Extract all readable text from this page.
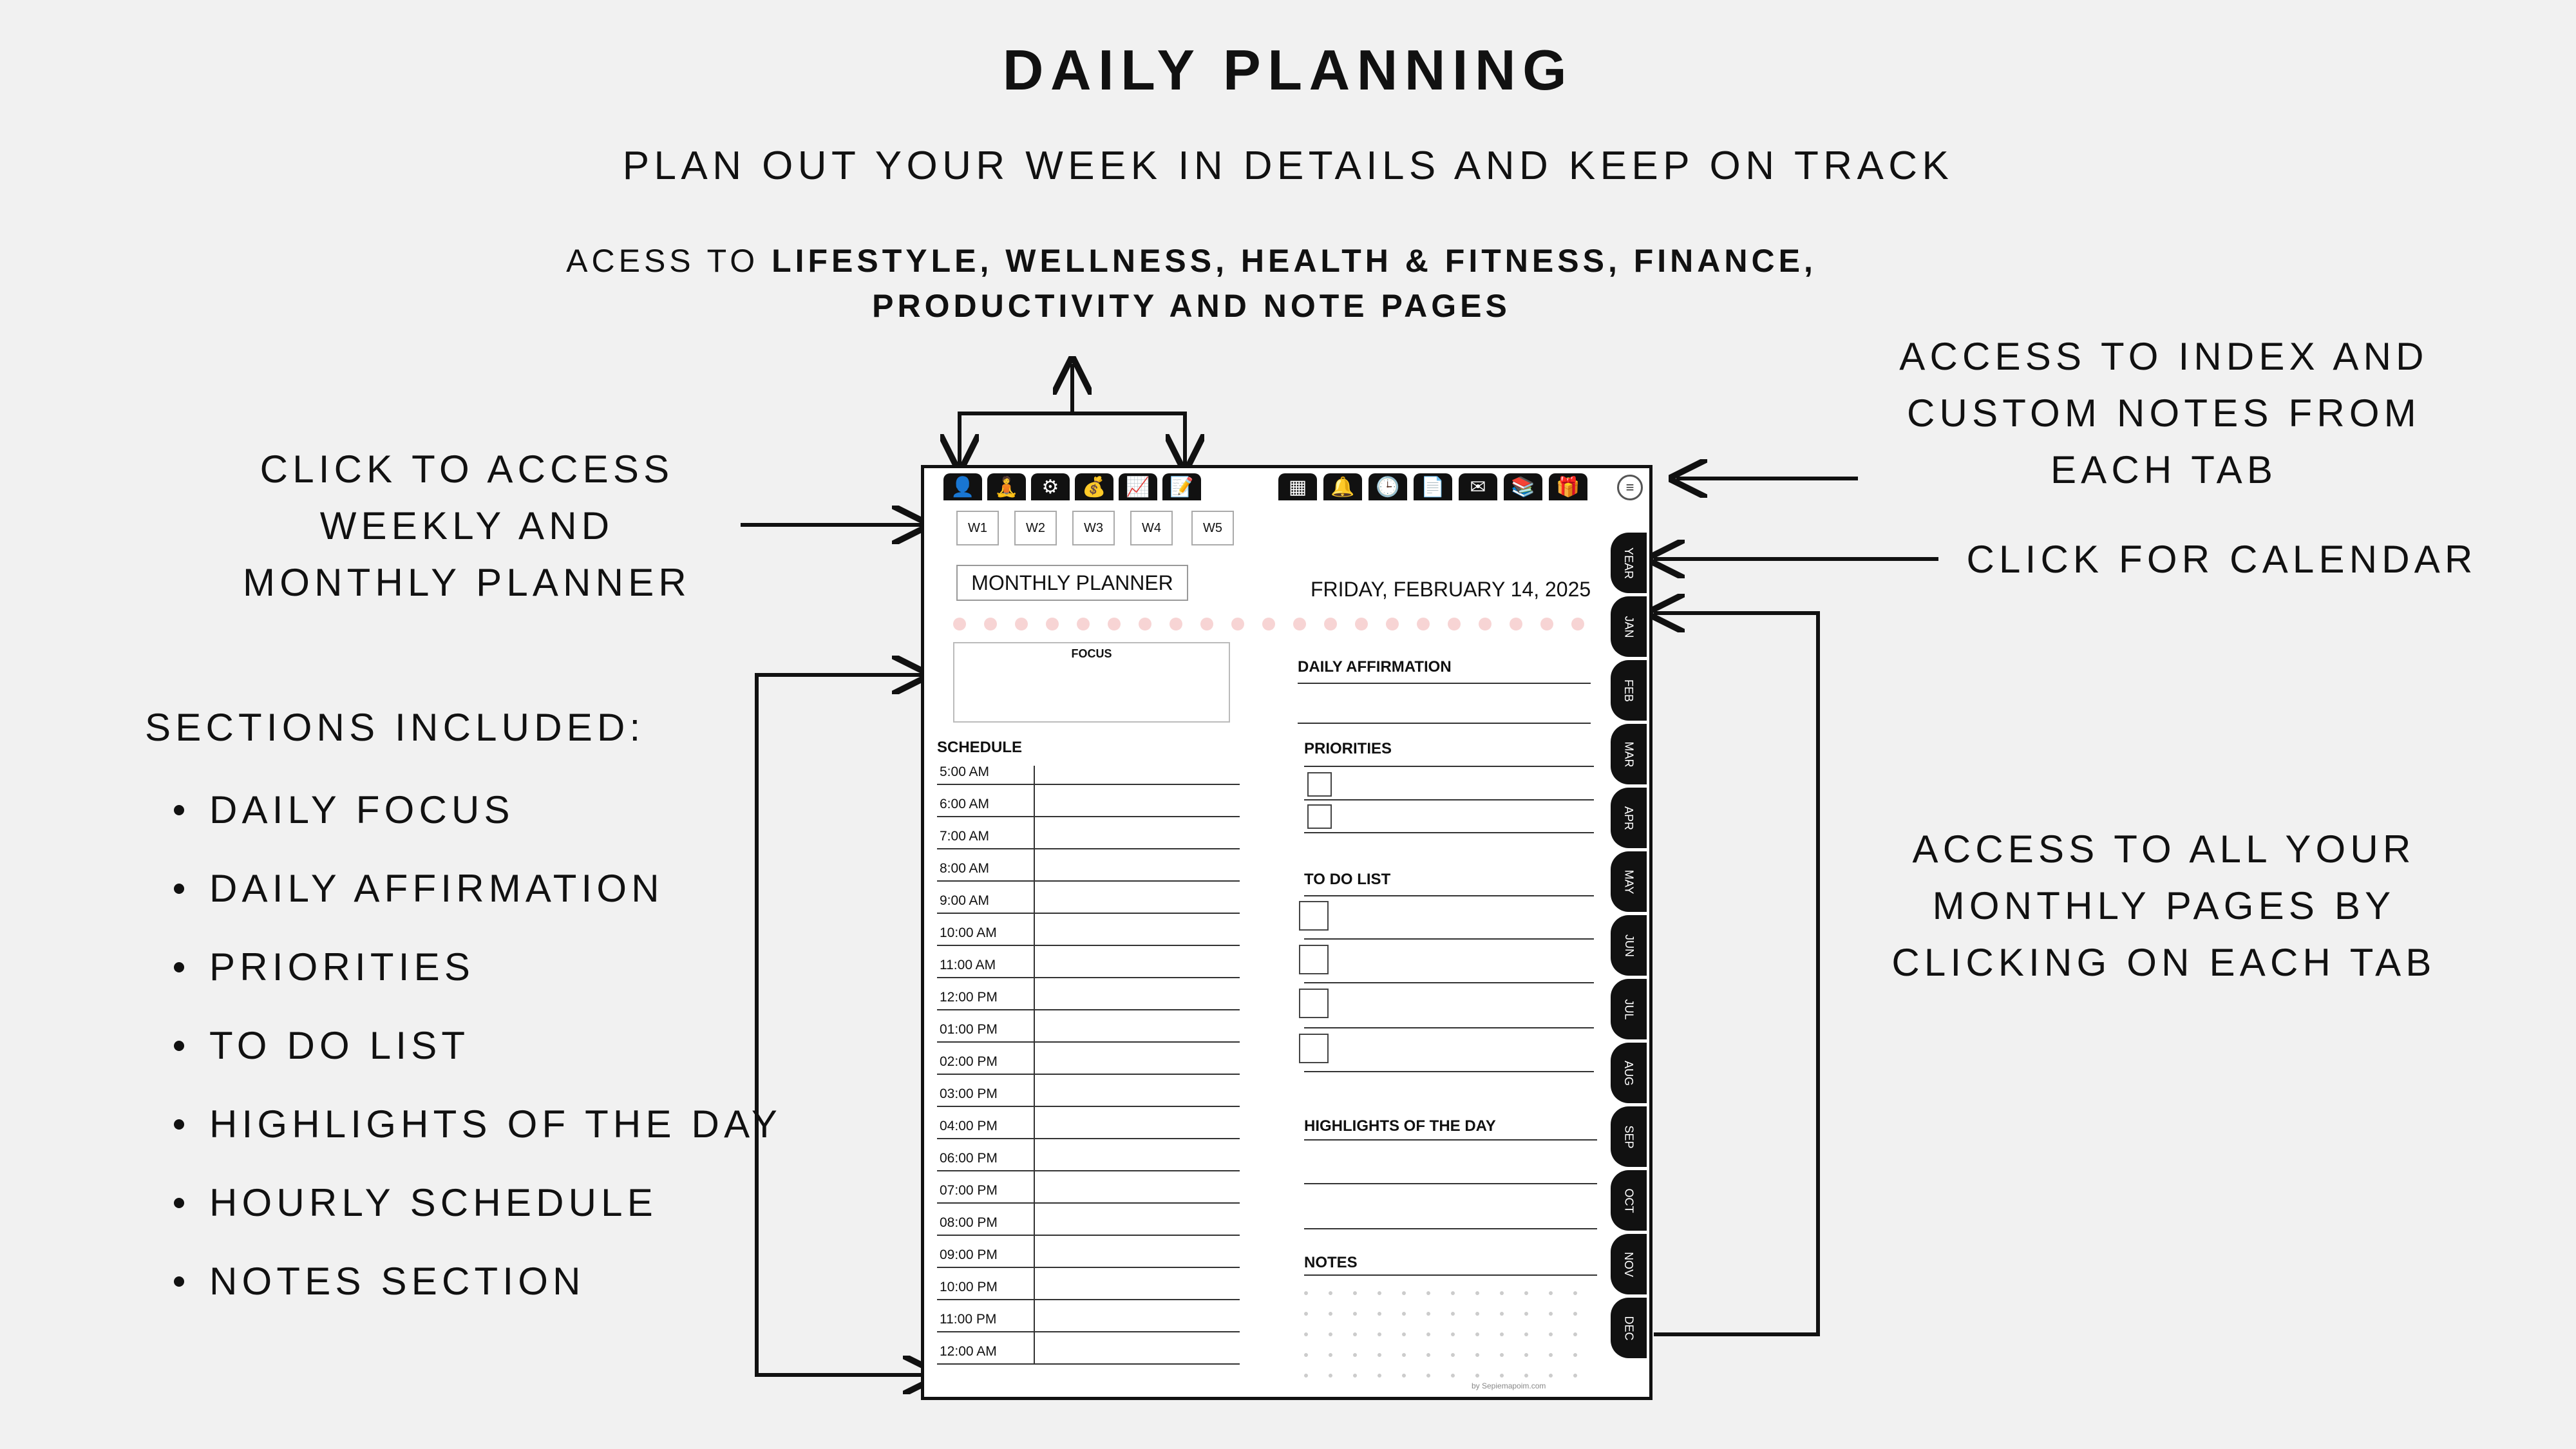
DAILY PLANNING
PLAN OUT YOUR WEEK IN DETAILS AND KEEP ON TRACK
ACESS TO LIFESTYLE, WELLNESS, HEALTH & FITNESS, FINANCE,
PRODUCTIVITY AND NOTE PAGES
CLICK TO ACCESS
WEEKLY AND
MONTHLY PLANNER
ACCESS TO INDEX AND
CUSTOM NOTES FROM
EACH TAB
CLICK FOR CALENDAR
ACCESS TO ALL YOUR
MONTHLY PAGES BY
CLICKING ON EACH TAB
SECTIONS INCLUDED:
DAILY FOCUS
DAILY AFFIRMATION
PRIORITIES
TO DO LIST
HIGHLIGHTS OF THE DAY
HOURLY SCHEDULE
NOTES SECTION
👤	🧘	⚙	💰	📈	📝	▦	🔔	🕒	📄	✉	📚	🎁	≡
W1	W2	W3	W4	W5
MONTHLY PLANNER	FRIDAY, FEBRUARY 14, 2025
FOCUS
SCHEDULE
5:00 AM
6:00 AM
7:00 AM
8:00 AM
9:00 AM
10:00 AM
11:00 AM
12:00 PM
01:00 PM
02:00 PM
03:00 PM
04:00 PM
06:00 PM
07:00 PM
08:00 PM
09:00 PM
10:00 PM
11:00 PM
12:00 AM
DAILY AFFIRMATION
PRIORITIES
TO DO LIST
HIGHLIGHTS OF THE DAY
NOTES
by Sepiemapoim.com
YEAR
JAN
FEB
MAR
APR
MAY
JUN
JUL
AUG
SEP
OCT
NOV
DEC
